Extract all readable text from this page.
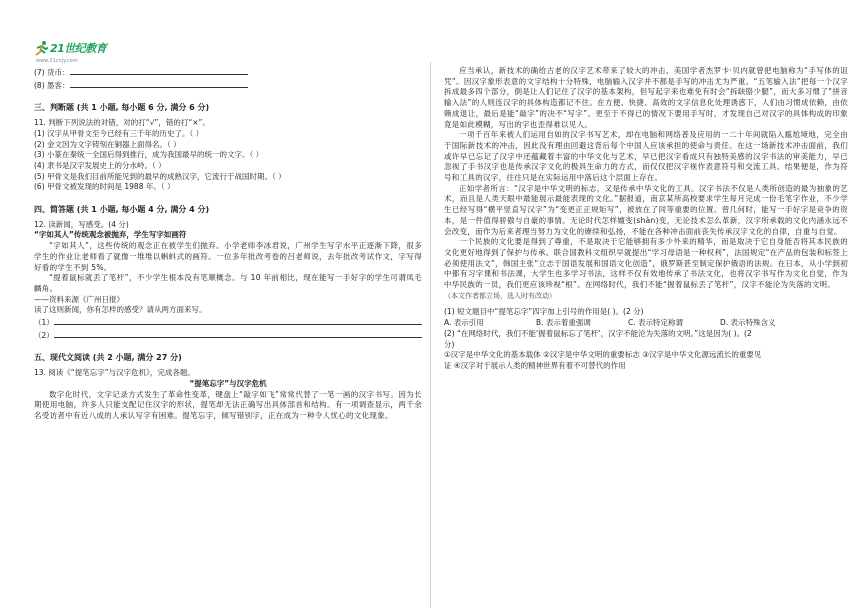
21世纪教育
www.21cnjy.com
(7) 货币：
(8) 墨客：
三、判断题 (共 1 小题, 每小题 6 分, 满分 6 分)
11. 判断下列说法的对错，对的打“√”，错的打“×”。
(1) 汉字从甲骨文至今已经有三千年的历史了。（ ）
(2) 金文因为文字铸刻在铜器上面得名。（ ）
(3) 小篆在秦统一全国后得到推行，成为我国最早的统一的文字。（ ）
(4) 隶书是汉字发展史上的分水岭。（ ）
(5) 甲骨文是我们目前所能见到的最早的成熟汉字，它流行于战国时期。（ ）
(6) 甲骨文被发现的时间是 1988 年。（ ）
四、简答题 (共 1 小题, 每小题 4 分, 满分 4 分)
12. 读新闻，写感受。(4 分)
“字如其人”传统观念被抛弃，学生写字如画符

“字如其人”，这些传统的观念正在被学生们抛弃。小学老师李冰君说，广州学生写字水平正逐渐下降，很多学生的作业让老师看了就像一堆堆以蝌蚪式的画符。一位多年批改考卷的吕老师说，去年批改考试作文，字写得好看的学生不到 5%。

“提着鼠标就丢了笔杆”，不少学生根本没有笔顺概念。与 10 年前相比，现在能写一手好字的学生可谓凤毛麟角。

——资料来源《广州日报》
读了这则新闻，你有怎样的感受？请从两方面来写。
（1）
（2）
五、现代文阅读 (共 2 小题, 满分 27 分)
13. 阅读《“提笔忘字”与汉字危机》，完成各题。
“提笔忘字”与汉字危机

数字化时代，文字记录方式发生了革命性变革，键盘上“敲字如飞”常常代替了一笔一画的汉字书写。因为长期使用电脑，许多人只能支配记住汉字的形状，提笔却无法正确写出具体部首和结构。有一项调查显示，两千余名受访者中有近八成的人承认写字有困难。提笔忘字，倾写错别字，正在成为一种令人忧心的文化现象。

应当承认，新技术的确给古老的汉字艺术带来了较大的冲击，美国学者杰罗卡·贝内就曾把电脑称为“手写体的诅咒”。因汉字象形表意的文字结构十分特殊，电脑输入汉字并不都是手写的冲击尤为严重。“五笔输入法”把每一个汉字拆成最多四个部分，倒是让人们记住了汉字的基本架构，但写起字来也难免有时会“拆缺胳少腿”，而大多习惯了“拼音输入法”的人则连汉字的具体构造都记不住。在方便、快捷、高效的文字信息化处理诱惑下，人们由习惯成依赖，由依赖成退让，最后是能“敲字”的决不“写字”。更至于不得已的情况下要用手写时，才发现自己对汉字的具体构成的印象竟是如此模糊，写出的字也歪得难以见人。

一项千百年来被人们运用自如的汉字书写艺术，却在电脑和网络普及应用的一二十年间就陷入尴尬境地，完全由于国际新技术的冲击，因此没有理由回避这背后每个中国人应该承担的使命与责任。在这一场新技术冲击面前，我们或许早已忘记了汉字中还蕴藏着丰富的中华文化与艺术，早已把汉字看成只有独特美感的汉字书法的审美能力，早已忽视了手书汉字也是传承汉字文化的极具生命力的方式，而仅仅把汉字视作表意符号和交流工具。结果便是，作为符号和工具的汉字，往往只是在实际运用中落后这个层面上存在。

正如学者所言：“汉字是中华文明的标志，又是传承中华文化的工具。汉字书法不仅是人类所创造的最为抽象的艺术，而且是人类天眼中最能展示最能表现的文化。”据报道，南京某所高校要求学生每月完成一份毛笔字作业，不少学生已经写得“横平竖直写汉字”为“变更正正规矩写”，被放在了同等重要的位置。曾几何时，能写一手好字是竞争的资本，是一件值得骄傲与自豪的事情。无论时代怎样嬗变(shàn)变，无论技术怎么革新，汉字所承载的文化内涵永远不会改变，而作为后来者理当努力为文化的赓续和弘扬，不能在各种冲击面前丧失传承汉字文化的自律，自重与自觉。

一个民族的文化要是得到了尊重，不是取决于它能够拥有多少外来的精华，而是取决于它自身能否将其本民族的文化更好地得到了保护与传承。联合国教科文组织早就提出“学习母语是一种权利”，法国规定“在产品的包装和标签上必须使用法文”，韩国主张“立志于国语发展和国语文化创造”，俄罗斯甚至制定保护俄语的法规。在日本，从小学到初中都有习字课和书法课，大学生也多学习书法，这样不仅有效地传承了书法文化，也将汉字书写作为文化自觉，作为中华民族的一员，我们更应该珍视“根”。在网络时代，我们不能“握着鼠标丢了笔杆”，汉字不能沦为失落的文明。

（本文作者都立场，选入时有改动）
(1) 短文题目中“提笔忘字”四字加上引号的作用是( )。(2 分)
A. 表示引用	B. 表示着重强调	C. 表示特定称谓	D. 表示特殊含义
(2) “在网络时代，我们不能‘握着鼠标忘了笔杆’，汉字不能沦为失落的文明。”这是因为( )。(2
分)
①汉字是中华文化的基本载体 ②汉字是中华文明的重要标志 ③汉字是中华文化源远流长的重要见
证 ④汉字对于展示人类的精神世界有着不可替代的作用
